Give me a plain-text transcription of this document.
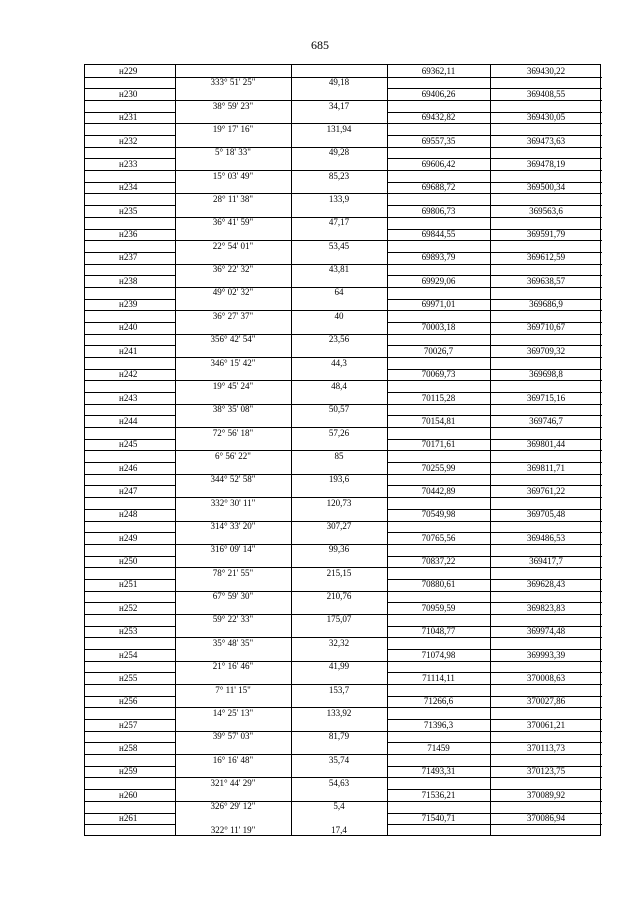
685
н229	69362,11	369430,22
333° 51' 25"	49,18
н230	69406,26	369408,55
38° 59' 23"	34,17
н231	69432,82	369430,05
19° 17' 16"	131,94
н232	69557,35	369473,63
5° 18' 33"	49,28
н233	69606,42	369478,19
15° 03' 49"	85,23
н234	69688,72	369500,34
28° 11' 38"	133,9
н235	69806,73	369563,6
36° 41' 59"	47,17
н236	69844,55	369591,79
22° 54' 01"	53,45
н237	69893,79	369612,59
36° 22' 32"	43,81
н238	69929,06	369638,57
49° 02' 32"	64
н239	69971,01	369686,9
36° 27' 37"	40
н240	70003,18	369710,67
356° 42' 54"	23,56
н241	70026,7	369709,32
346° 15' 42"	44,3
н242	70069,73	369698,8
19° 45' 24"	48,4
н243	70115,28	369715,16
38° 35' 08"	50,57
н244	70154,81	369746,7
72° 56' 18"	57,26
н245	70171,61	369801,44
6° 56' 22"	85
н246	70255,99	369811,71
344° 52' 58"	193,6
н247	70442,89	369761,22
332° 30' 11"	120,73
н248	70549,98	369705,48
314° 33' 20"	307,27
н249	70765,56	369486,53
316° 09' 14"	99,36
н250	70837,22	369417,7
78° 21' 55"	215,15
н251	70880,61	369628,43
67° 59' 30"	210,76
н252	70959,59	369823,83
59° 22' 33"	175,07
н253	71048,77	369974,48
35° 48' 35"	32,32
н254	71074,98	369993,39
21° 16' 46"	41,99
н255	71114,11	370008,63
7° 11' 15"	153,7
н256	71266,6	370027,86
14° 25' 13"	133,92
н257	71396,3	370061,21
39° 57' 03"	81,79
н258	71459	370113,73
16° 16' 48"	35,74
н259	71493,31	370123,75
321° 44' 29"	54,63
н260	71536,21	370089,92
326° 29' 12"	5,4
н261	71540,71	370086,94
322° 11' 19"	17,4
